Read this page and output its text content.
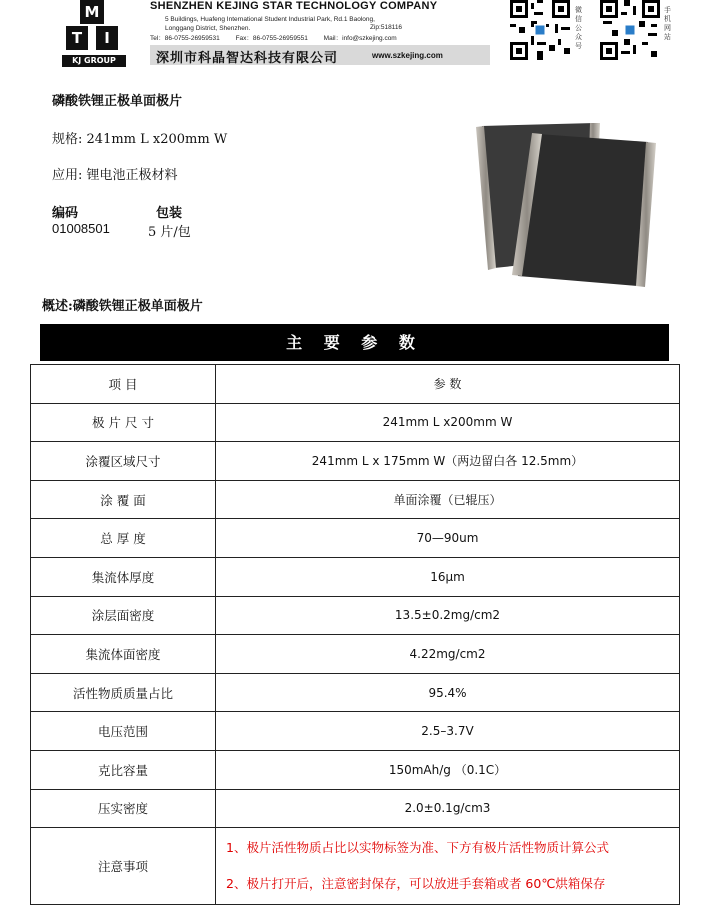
M
T	I
KJ GROUP
SHENZHEN KEJING STAR TECHNOLOGY COMPANY
5 Buildings, Huafeng International Student Industrial Park, Rd.1 Baolong,
Longgang District, Shenzhen.	Zip:518116
Tel：86-0755-26959531 Fax：86-0755-26959551 Mail：info@szkejing.com
深圳市科晶智达科技有限公司	www.szkejing.com
微信公众号
手机网站
磷酸铁锂正极单面极片
规格: 241mm L x200mm W
应用: 锂电池正极材料
编码	包装
01008501	5 片/包
概述:磷酸铁锂正极单面极片
主 要 参 数
项 目	参 数
极 片 尺 寸	241mm L x200mm W
涂覆区域尺寸	241mm L x 175mm W（两边留白各 12.5mm）
涂 覆 面	单面涂覆（已辊压）
总 厚 度	70—90um
集流体厚度	16μm
涂层面密度	13.5±0.2mg/cm2
集流体面密度	4.22mg/cm2
活性物质质量占比	95.4%
电压范围	2.5–3.7V
克比容量	150mAh/g （0.1C）
压实密度	2.0±0.1g/cm3
注意事项	1、极片活性物质占比以实物标签为准、下方有极片活性物质计算公式
2、极片打开后，注意密封保存，可以放进手套箱或者 60℃烘箱保存
